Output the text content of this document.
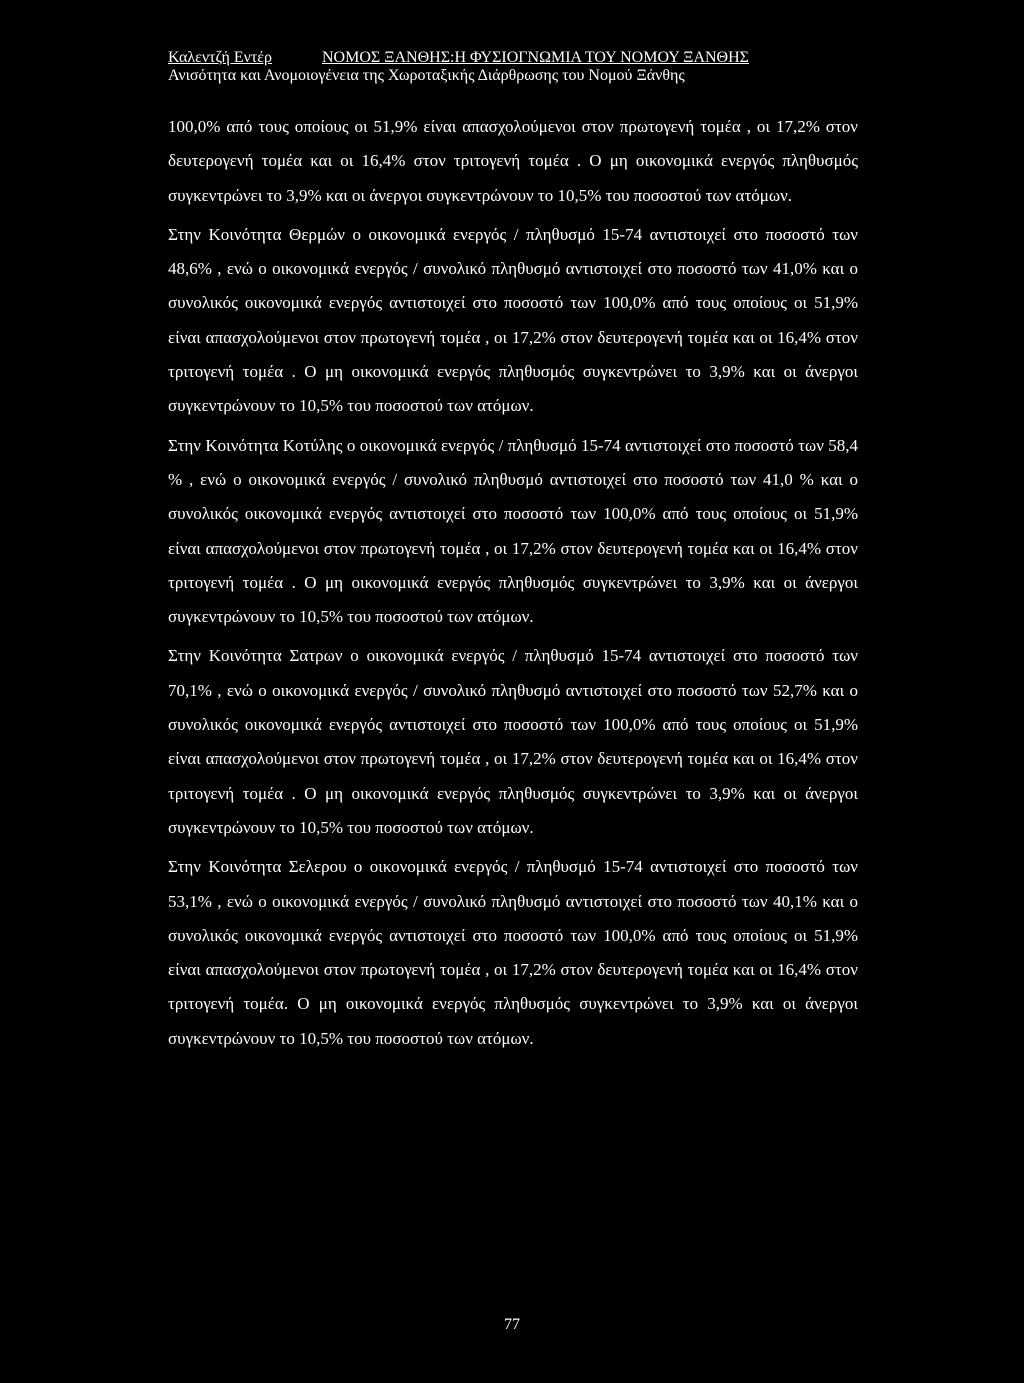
Καλεντζή Εντέρ	ΝΟΜΟΣ ΞΑΝΘΗΣ:Η ΦΥΣΙΟΓΝΩΜΙΑ ΤΟΥ ΝΟΜΟΥ ΞΑΝΘΗΣ
Ανισότητα και Ανομοιογένεια της Χωροταξικής Διάρθρωσης του Νομού Ξάνθης

100,0% από τους οποίους οι 51,9% είναι απασχολούμενοι στον πρωτογενή τομέα , οι 17,2% στον δευτερογενή τομέα και οι 16,4% στον τριτογενή τομέα . Ο μη οικονομικά ενεργός πληθυσμός συγκεντρώνει το 3,9% και οι άνεργοι συγκεντρώνουν το 10,5% του ποσοστού των ατόμων.

Στην Κοινότητα Θερμών ο οικονομικά ενεργός / πληθυσμό 15-74 αντιστοιχεί στο ποσοστό των 48,6% , ενώ ο οικονομικά ενεργός / συνολικό πληθυσμό αντιστοιχεί στο ποσοστό των 41,0% και ο συνολικός οικονομικά ενεργός αντιστοιχεί στο ποσοστό των 100,0% από τους οποίους οι 51,9% είναι απασχολούμενοι στον πρωτογενή τομέα , οι 17,2% στον δευτερογενή τομέα και οι 16,4% στον τριτογενή τομέα . Ο μη οικονομικά ενεργός πληθυσμός συγκεντρώνει το 3,9% και οι άνεργοι συγκεντρώνουν το 10,5% του ποσοστού των ατόμων.

Στην Κοινότητα Κοτύλης ο οικονομικά ενεργός / πληθυσμό 15-74 αντιστοιχεί στο ποσοστό των 58,4 % , ενώ ο οικονομικά ενεργός / συνολικό πληθυσμό αντιστοιχεί στο ποσοστό των 41,0 % και ο συνολικός οικονομικά ενεργός αντιστοιχεί στο ποσοστό των 100,0% από τους οποίους οι 51,9% είναι απασχολούμενοι στον πρωτογενή τομέα , οι 17,2% στον δευτερογενή τομέα και οι 16,4% στον τριτογενή τομέα . Ο μη οικονομικά ενεργός πληθυσμός συγκεντρώνει το 3,9% και οι άνεργοι συγκεντρώνουν το 10,5% του ποσοστού των ατόμων.

Στην Κοινότητα Σατρων ο οικονομικά ενεργός / πληθυσμό 15-74 αντιστοιχεί στο ποσοστό των 70,1% , ενώ ο οικονομικά ενεργός / συνολικό πληθυσμό αντιστοιχεί στο ποσοστό των 52,7% και ο συνολικός οικονομικά ενεργός αντιστοιχεί στο ποσοστό των 100,0% από τους οποίους οι 51,9% είναι απασχολούμενοι στον πρωτογενή τομέα , οι 17,2% στον δευτερογενή τομέα και οι 16,4% στον τριτογενή τομέα . Ο μη οικονομικά ενεργός πληθυσμός συγκεντρώνει το 3,9% και οι άνεργοι συγκεντρώνουν το 10,5% του ποσοστού των ατόμων.

Στην Κοινότητα Σελερου ο οικονομικά ενεργός / πληθυσμό 15-74 αντιστοιχεί στο ποσοστό των 53,1% , ενώ ο οικονομικά ενεργός / συνολικό πληθυσμό αντιστοιχεί στο ποσοστό των 40,1% και ο συνολικός οικονομικά ενεργός αντιστοιχεί στο ποσοστό των 100,0% από τους οποίους οι 51,9% είναι απασχολούμενοι στον πρωτογενή τομέα , οι 17,2% στον δευτερογενή τομέα και οι 16,4% στον τριτογενή τομέα. Ο μη οικονομικά ενεργός πληθυσμός συγκεντρώνει το 3,9% και οι άνεργοι συγκεντρώνουν το 10,5% του ποσοστού των ατόμων.

77
